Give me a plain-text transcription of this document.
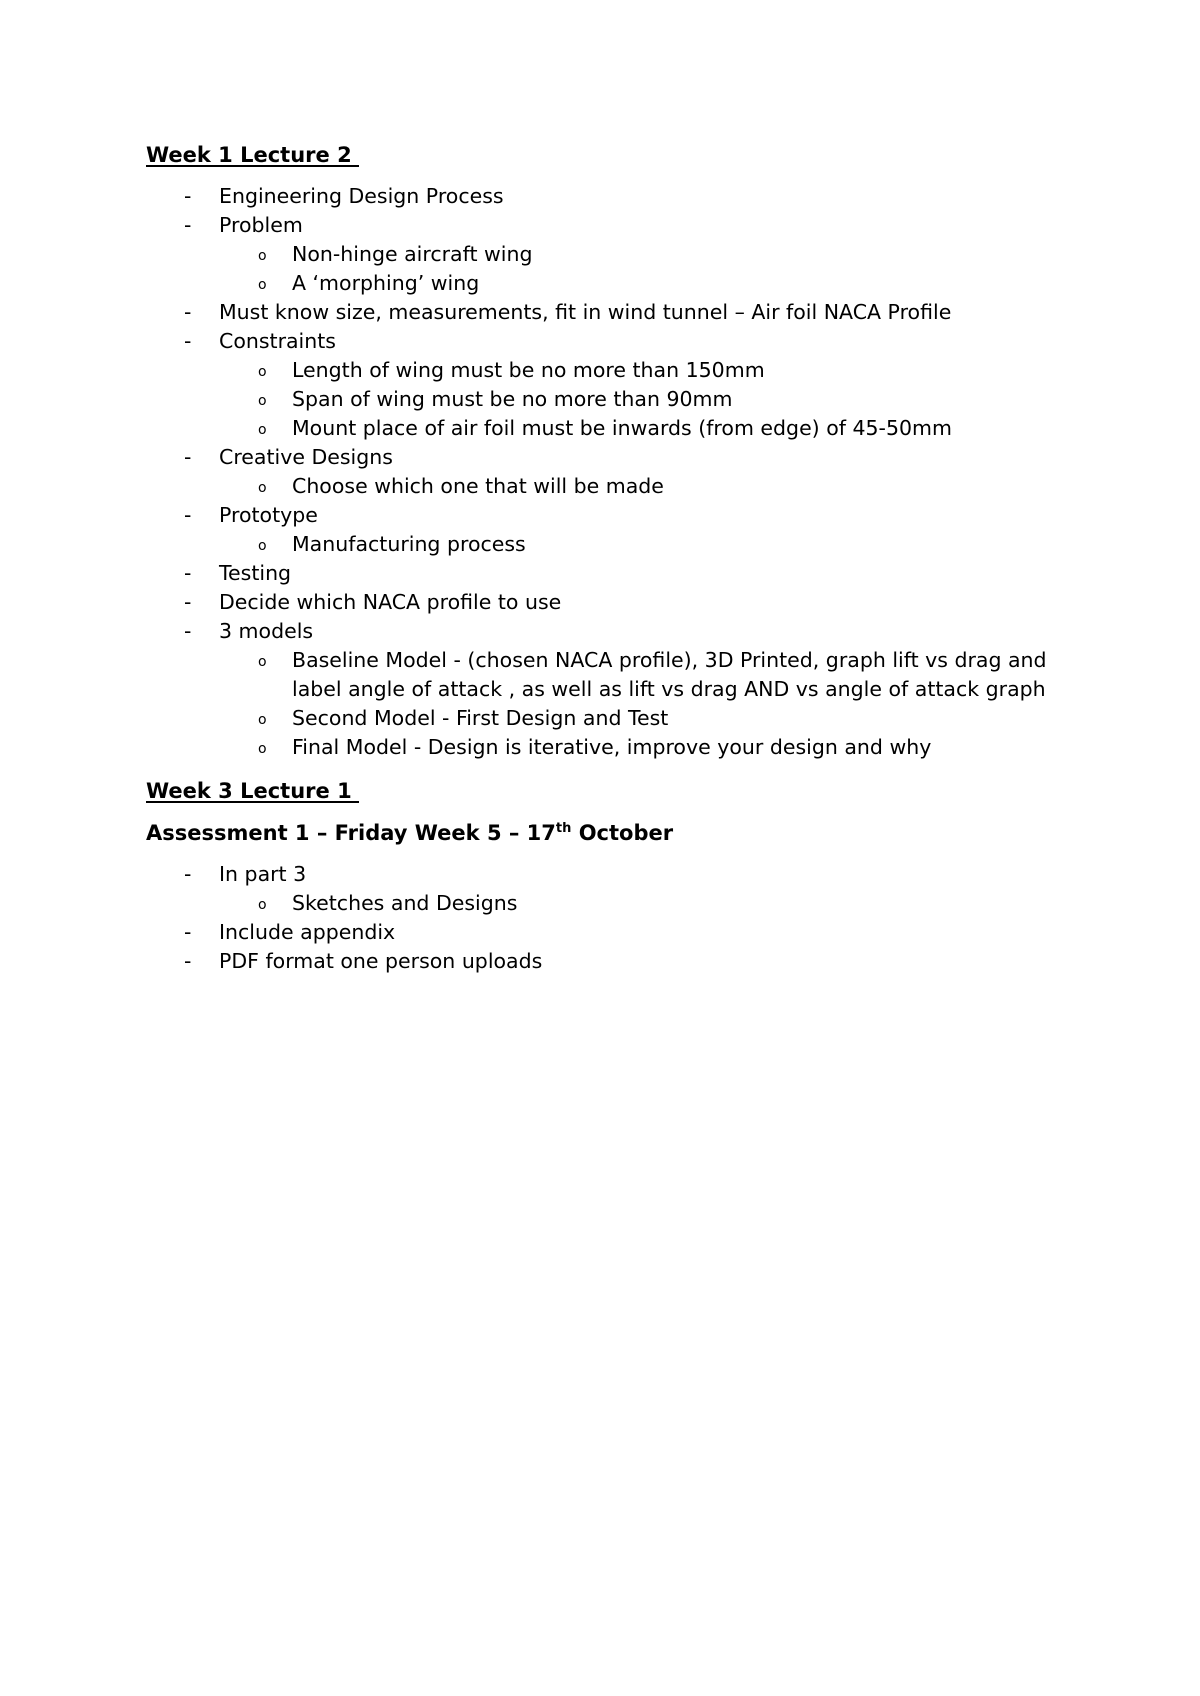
Week 1 Lecture 2
- Engineering Design Process
- Problem
o Non-hinge aircraft wing
o A ‘morphing’ wing
- Must know size, measurements, fit in wind tunnel – Air foil NACA Profile
- Constraints
o Length of wing must be no more than 150mm
o Span of wing must be no more than 90mm
o Mount place of air foil must be inwards (from edge) of 45-50mm
- Creative Designs
o Choose which one that will be made
- Prototype
o Manufacturing process
- Testing
- Decide which NACA profile to use
- 3 models
o Baseline Model - (chosen NACA profile), 3D Printed, graph lift vs drag and label angle of attack , as well as lift vs drag AND vs angle of attack graph
o Second Model - First Design and Test
o Final Model - Design is iterative, improve your design and why
Week 3 Lecture 1
Assessment 1 – Friday Week 5 – 17th October
- In part 3
o Sketches and Designs
- Include appendix
- PDF format one person uploads
